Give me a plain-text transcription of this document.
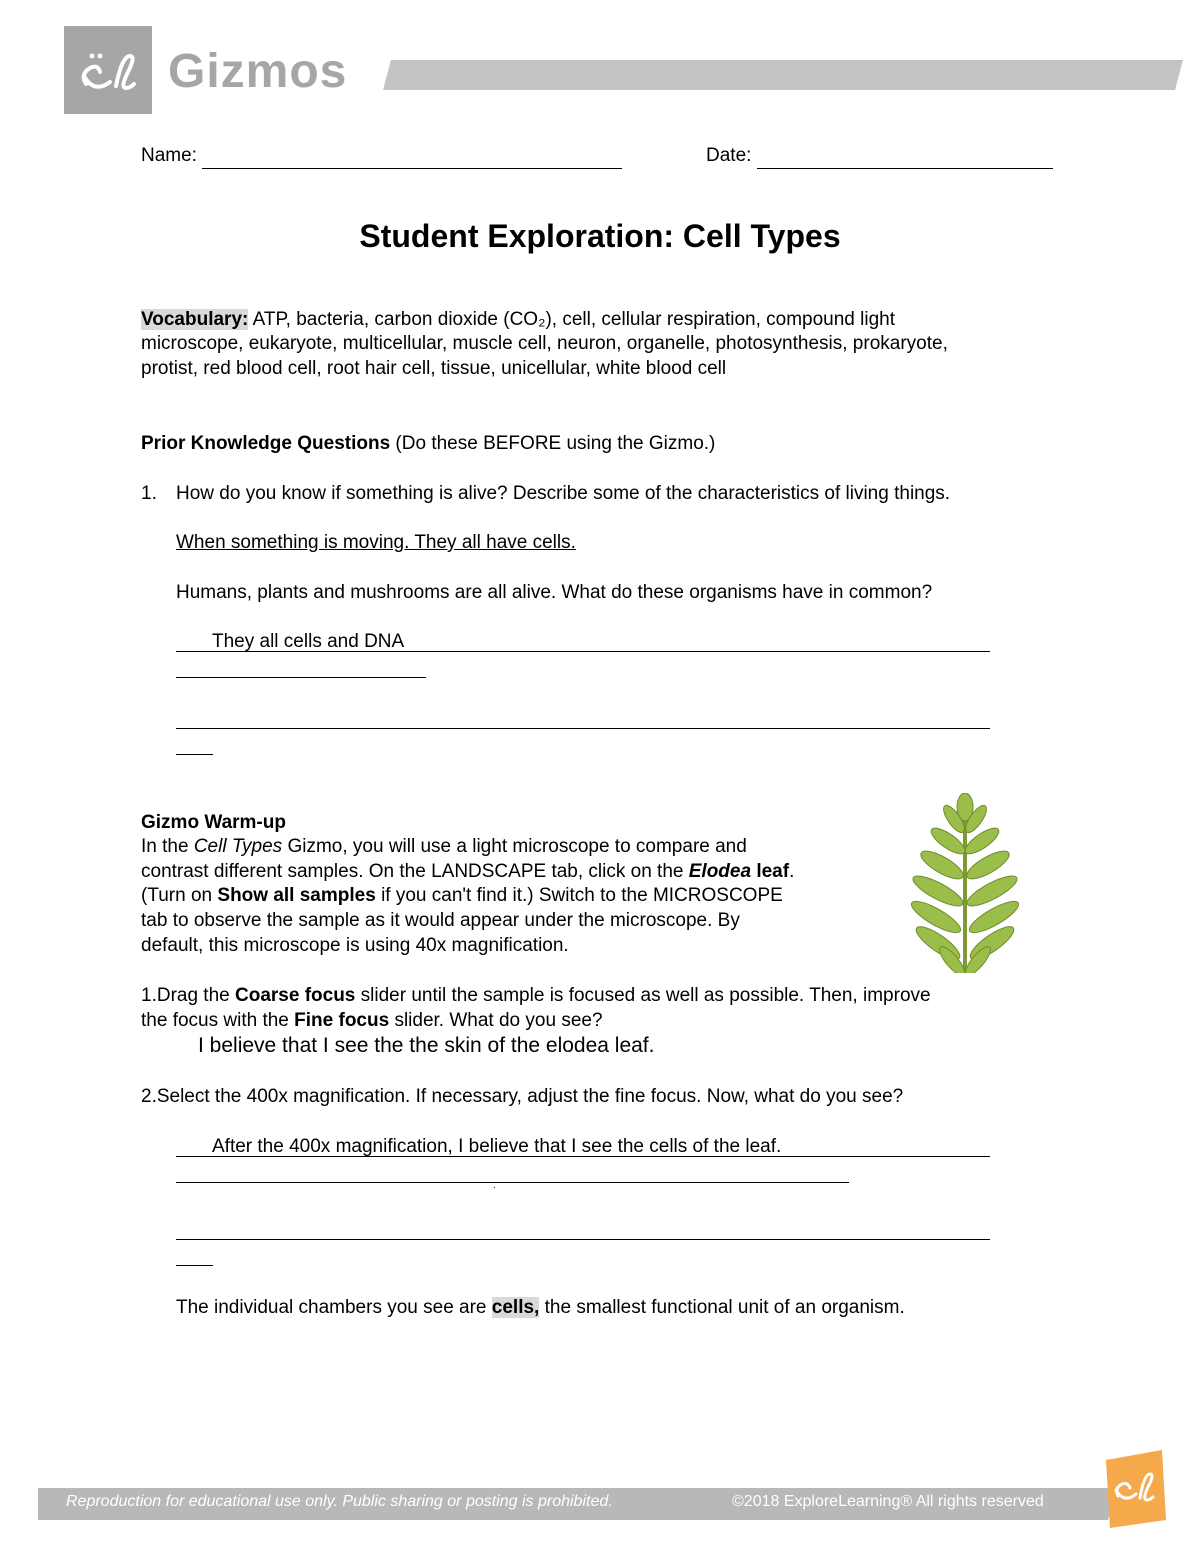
Gizmos
Name:	Date:
Student Exploration: Cell Types
Vocabulary: ATP, bacteria, carbon dioxide (CO₂), cell, cellular respiration, compound light
microscope, eukaryote, multicellular, muscle cell, neuron, organelle, photosynthesis, prokaryote,
protist, red blood cell, root hair cell, tissue, unicellular, white blood cell
Prior Knowledge Questions (Do these BEFORE using the Gizmo.)
1. How do you know if something is alive? Describe some of the characteristics of living things.
When something is moving. They all have cells.
Humans, plants and mushrooms are all alive. What do these organisms have in common?
They all cells and DNA
Gizmo Warm-up
In the Cell Types Gizmo, you will use a light microscope to compare and
contrast different samples. On the LANDSCAPE tab, click on the Elodea leaf.
(Turn on Show all samples if you can't find it.) Switch to the MICROSCOPE
tab to observe the sample as it would appear under the microscope. By
default, this microscope is using 40x magnification.
1.Drag the Coarse focus slider until the sample is focused as well as possible. Then, improve
the focus with the Fine focus slider. What do you see?
I believe that I see the the skin of the elodea leaf.
2.Select the 400x magnification. If necessary, adjust the fine focus. Now, what do you see?
After the 400x magnification, I believe that I see the cells of the leaf.
.
The individual chambers you see are cells, the smallest functional unit of an organism.
Reproduction for educational use only. Public sharing or posting is prohibited.	©2018 ExploreLearning® All rights reserved
